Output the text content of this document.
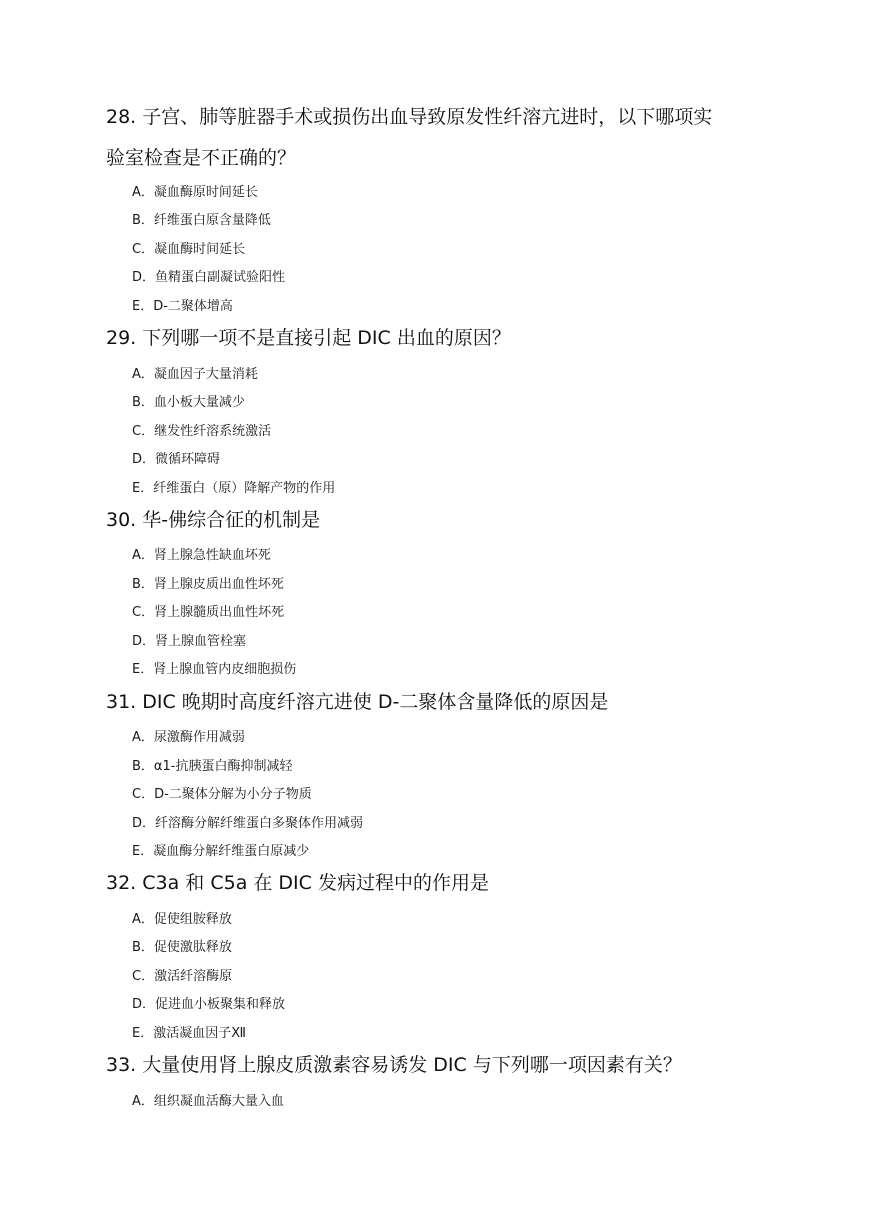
28. 子宫、肺等脏器手术或损伤出血导致原发性纤溶亢进时，以下哪项实
验室检查是不正确的？
A．凝血酶原时间延长
B．纤维蛋白原含量降低
C．凝血酶时间延长
D．鱼精蛋白副凝试验阳性
E．D-二聚体增高
29. 下列哪一项不是直接引起 DIC 出血的原因？
A．凝血因子大量消耗
B．血小板大量减少
C．继发性纤溶系统激活
D．微循环障碍
E．纤维蛋白（原）降解产物的作用
30. 华-佛综合征的机制是
A．肾上腺急性缺血坏死
B．肾上腺皮质出血性坏死
C．肾上腺髓质出血性坏死
D．肾上腺血管栓塞
E．肾上腺血管内皮细胞损伤
31. DIC 晚期时高度纤溶亢进使 D-二聚体含量降低的原因是
A．尿激酶作用减弱
B．α1-抗胰蛋白酶抑制减轻
C．D-二聚体分解为小分子物质
D．纤溶酶分解纤维蛋白多聚体作用减弱
E．凝血酶分解纤维蛋白原减少
32. C3a 和 C5a 在 DIC 发病过程中的作用是
A．促使组胺释放
B．促使激肽释放
C．激活纤溶酶原
D．促进血小板聚集和释放
E．激活凝血因子Ⅻ
33. 大量使用肾上腺皮质激素容易诱发 DIC 与下列哪一项因素有关？
A．组织凝血活酶大量入血
